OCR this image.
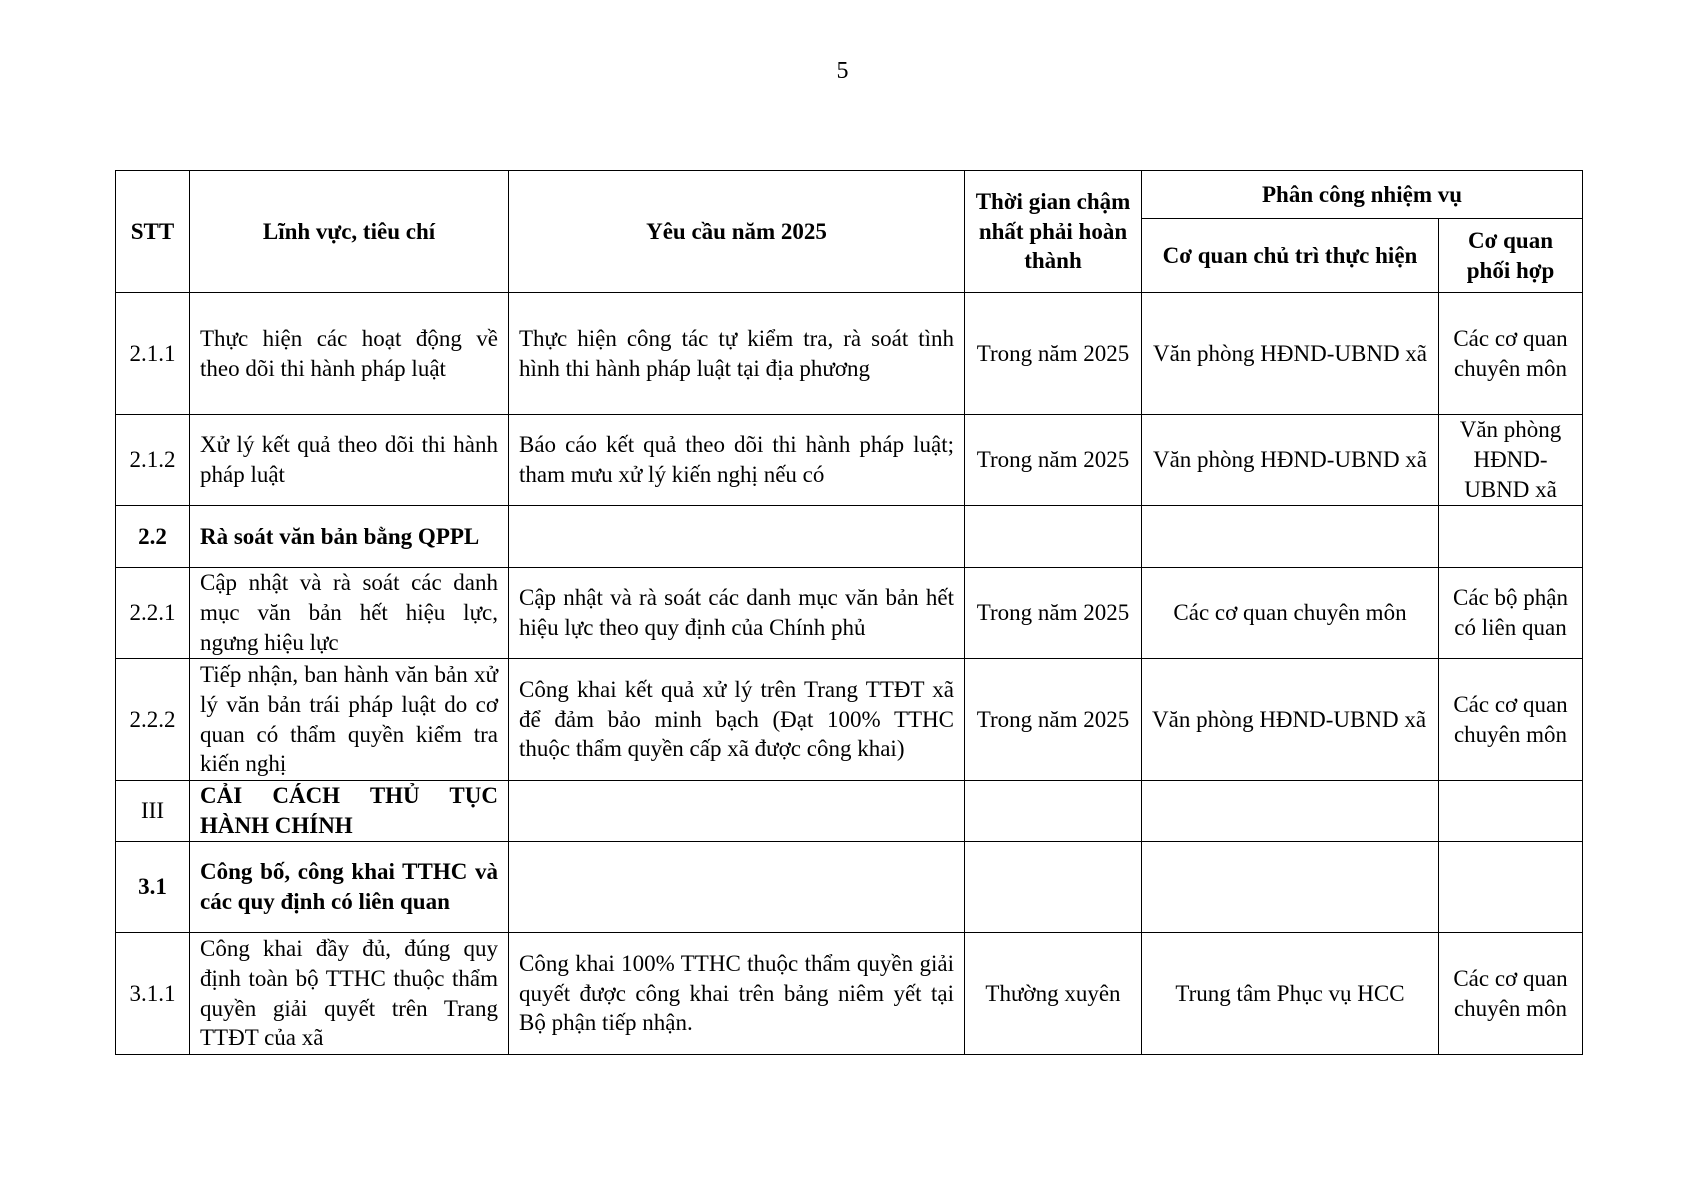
5
STT	Lĩnh vực, tiêu chí	Yêu cầu năm 2025	Thời gian chậm nhất phải hoàn thành	Phân công nhiệm vụ	
				Cơ quan chủ trì thực hiện	Cơ quan phối hợp
2.1.1	Thực hiện các hoạt động về theo dõi thi hành pháp luật	Thực hiện công tác tự kiểm tra, rà soát tình hình thi hành pháp luật tại địa phương	Trong năm 2025	Văn phòng HĐND-UBND xã	Các cơ quan chuyên môn
2.1.2	Xử lý kết quả theo dõi thi hành pháp luật	Báo cáo kết quả theo dõi thi hành pháp luật; tham mưu xử lý kiến nghị nếu có	Trong năm 2025	Văn phòng HĐND-UBND xã	Văn phòng HĐND-UBND xã
2.2	Rà soát văn bản bằng QPPL				
2.2.1	Cập nhật và rà soát các danh mục văn bản hết hiệu lực, ngưng hiệu lực	Cập nhật và rà soát các danh mục văn bản hết hiệu lực theo quy định của Chính phủ	Trong năm 2025	Các cơ quan chuyên môn	Các bộ phận có liên quan
2.2.2	Tiếp nhận, ban hành văn bản xử lý văn bản trái pháp luật do cơ quan có thẩm quyền kiểm tra kiến nghị	Công khai kết quả xử lý trên Trang TTĐT xã để đảm bảo minh bạch (Đạt 100% TTHC thuộc thẩm quyền cấp xã được công khai)	Trong năm 2025	Văn phòng HĐND-UBND xã	Các cơ quan chuyên môn
III	CẢI CÁCH THỦ TỤC HÀNH CHÍNH				
3.1	Công bố, công khai TTHC và các quy định có liên quan				
3.1.1	Công khai đầy đủ, đúng quy định toàn bộ TTHC thuộc thẩm quyền giải quyết trên Trang TTĐT của xã	Công khai 100% TTHC thuộc thẩm quyền giải quyết được công khai trên bảng niêm yết tại Bộ phận tiếp nhận.	Thường xuyên	Trung tâm Phục vụ HCC	Các cơ quan chuyên môn
